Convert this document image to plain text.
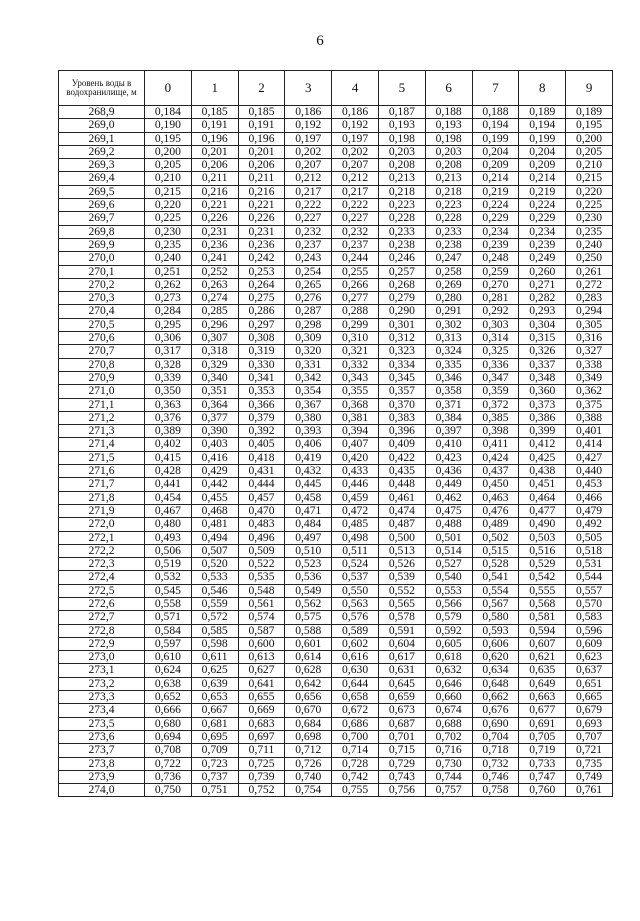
6
Уровень воды в водохранилище, м	0	1	2	3	4	5	6	7	8	9
268,9	0,184	0,185	0,185	0,186	0,186	0,187	0,188	0,188	0,189	0,189
269,0	0,190	0,191	0,191	0,192	0,192	0,193	0,193	0,194	0,194	0,195
269,1	0,195	0,196	0,196	0,197	0,197	0,198	0,198	0,199	0,199	0,200
269,2	0,200	0,201	0,201	0,202	0,202	0,203	0,203	0,204	0,204	0,205
269,3	0,205	0,206	0,206	0,207	0,207	0,208	0,208	0,209	0,209	0,210
269,4	0,210	0,211	0,211	0,212	0,212	0,213	0,213	0,214	0,214	0,215
269,5	0,215	0,216	0,216	0,217	0,217	0,218	0,218	0,219	0,219	0,220
269,6	0,220	0,221	0,221	0,222	0,222	0,223	0,223	0,224	0,224	0,225
269,7	0,225	0,226	0,226	0,227	0,227	0,228	0,228	0,229	0,229	0,230
269,8	0,230	0,231	0,231	0,232	0,232	0,233	0,233	0,234	0,234	0,235
269,9	0,235	0,236	0,236	0,237	0,237	0,238	0,238	0,239	0,239	0,240
270,0	0,240	0,241	0,242	0,243	0,244	0,246	0,247	0,248	0,249	0,250
270,1	0,251	0,252	0,253	0,254	0,255	0,257	0,258	0,259	0,260	0,261
270,2	0,262	0,263	0,264	0,265	0,266	0,268	0,269	0,270	0,271	0,272
270,3	0,273	0,274	0,275	0,276	0,277	0,279	0,280	0,281	0,282	0,283
270,4	0,284	0,285	0,286	0,287	0,288	0,290	0,291	0,292	0,293	0,294
270,5	0,295	0,296	0,297	0,298	0,299	0,301	0,302	0,303	0,304	0,305
270,6	0,306	0,307	0,308	0,309	0,310	0,312	0,313	0,314	0,315	0,316
270,7	0,317	0,318	0,319	0,320	0,321	0,323	0,324	0,325	0,326	0,327
270,8	0,328	0,329	0,330	0,331	0,332	0,334	0,335	0,336	0,337	0,338
270,9	0,339	0,340	0,341	0,342	0,343	0,345	0,346	0,347	0,348	0,349
271,0	0,350	0,351	0,353	0,354	0,355	0,357	0,358	0,359	0,360	0,362
271,1	0,363	0,364	0,366	0,367	0,368	0,370	0,371	0,372	0,373	0,375
271,2	0,376	0,377	0,379	0,380	0,381	0,383	0,384	0,385	0,386	0,388
271,3	0,389	0,390	0,392	0,393	0,394	0,396	0,397	0,398	0,399	0,401
271,4	0,402	0,403	0,405	0,406	0,407	0,409	0,410	0,411	0,412	0,414
271,5	0,415	0,416	0,418	0,419	0,420	0,422	0,423	0,424	0,425	0,427
271,6	0,428	0,429	0,431	0,432	0,433	0,435	0,436	0,437	0,438	0,440
271,7	0,441	0,442	0,444	0,445	0,446	0,448	0,449	0,450	0,451	0,453
271,8	0,454	0,455	0,457	0,458	0,459	0,461	0,462	0,463	0,464	0,466
271,9	0,467	0,468	0,470	0,471	0,472	0,474	0,475	0,476	0,477	0,479
272,0	0,480	0,481	0,483	0,484	0,485	0,487	0,488	0,489	0,490	0,492
272,1	0,493	0,494	0,496	0,497	0,498	0,500	0,501	0,502	0,503	0,505
272,2	0,506	0,507	0,509	0,510	0,511	0,513	0,514	0,515	0,516	0,518
272,3	0,519	0,520	0,522	0,523	0,524	0,526	0,527	0,528	0,529	0,531
272,4	0,532	0,533	0,535	0,536	0,537	0,539	0,540	0,541	0,542	0,544
272,5	0,545	0,546	0,548	0,549	0,550	0,552	0,553	0,554	0,555	0,557
272,6	0,558	0,559	0,561	0,562	0,563	0,565	0,566	0,567	0,568	0,570
272,7	0,571	0,572	0,574	0,575	0,576	0,578	0,579	0,580	0,581	0,583
272,8	0,584	0,585	0,587	0,588	0,589	0,591	0,592	0,593	0,594	0,596
272,9	0,597	0,598	0,600	0,601	0,602	0,604	0,605	0,606	0,607	0,609
273,0	0,610	0,611	0,613	0,614	0,616	0,617	0,618	0,620	0,621	0,623
273,1	0,624	0,625	0,627	0,628	0,630	0,631	0,632	0,634	0,635	0,637
273,2	0,638	0,639	0,641	0,642	0,644	0,645	0,646	0,648	0,649	0,651
273,3	0,652	0,653	0,655	0,656	0,658	0,659	0,660	0,662	0,663	0,665
273,4	0,666	0,667	0,669	0,670	0,672	0,673	0,674	0,676	0,677	0,679
273,5	0,680	0,681	0,683	0,684	0,686	0,687	0,688	0,690	0,691	0,693
273,6	0,694	0,695	0,697	0,698	0,700	0,701	0,702	0,704	0,705	0,707
273,7	0,708	0,709	0,711	0,712	0,714	0,715	0,716	0,718	0,719	0,721
273,8	0,722	0,723	0,725	0,726	0,728	0,729	0,730	0,732	0,733	0,735
273,9	0,736	0,737	0,739	0,740	0,742	0,743	0,744	0,746	0,747	0,749
274,0	0,750	0,751	0,752	0,754	0,755	0,756	0,757	0,758	0,760	0,761
